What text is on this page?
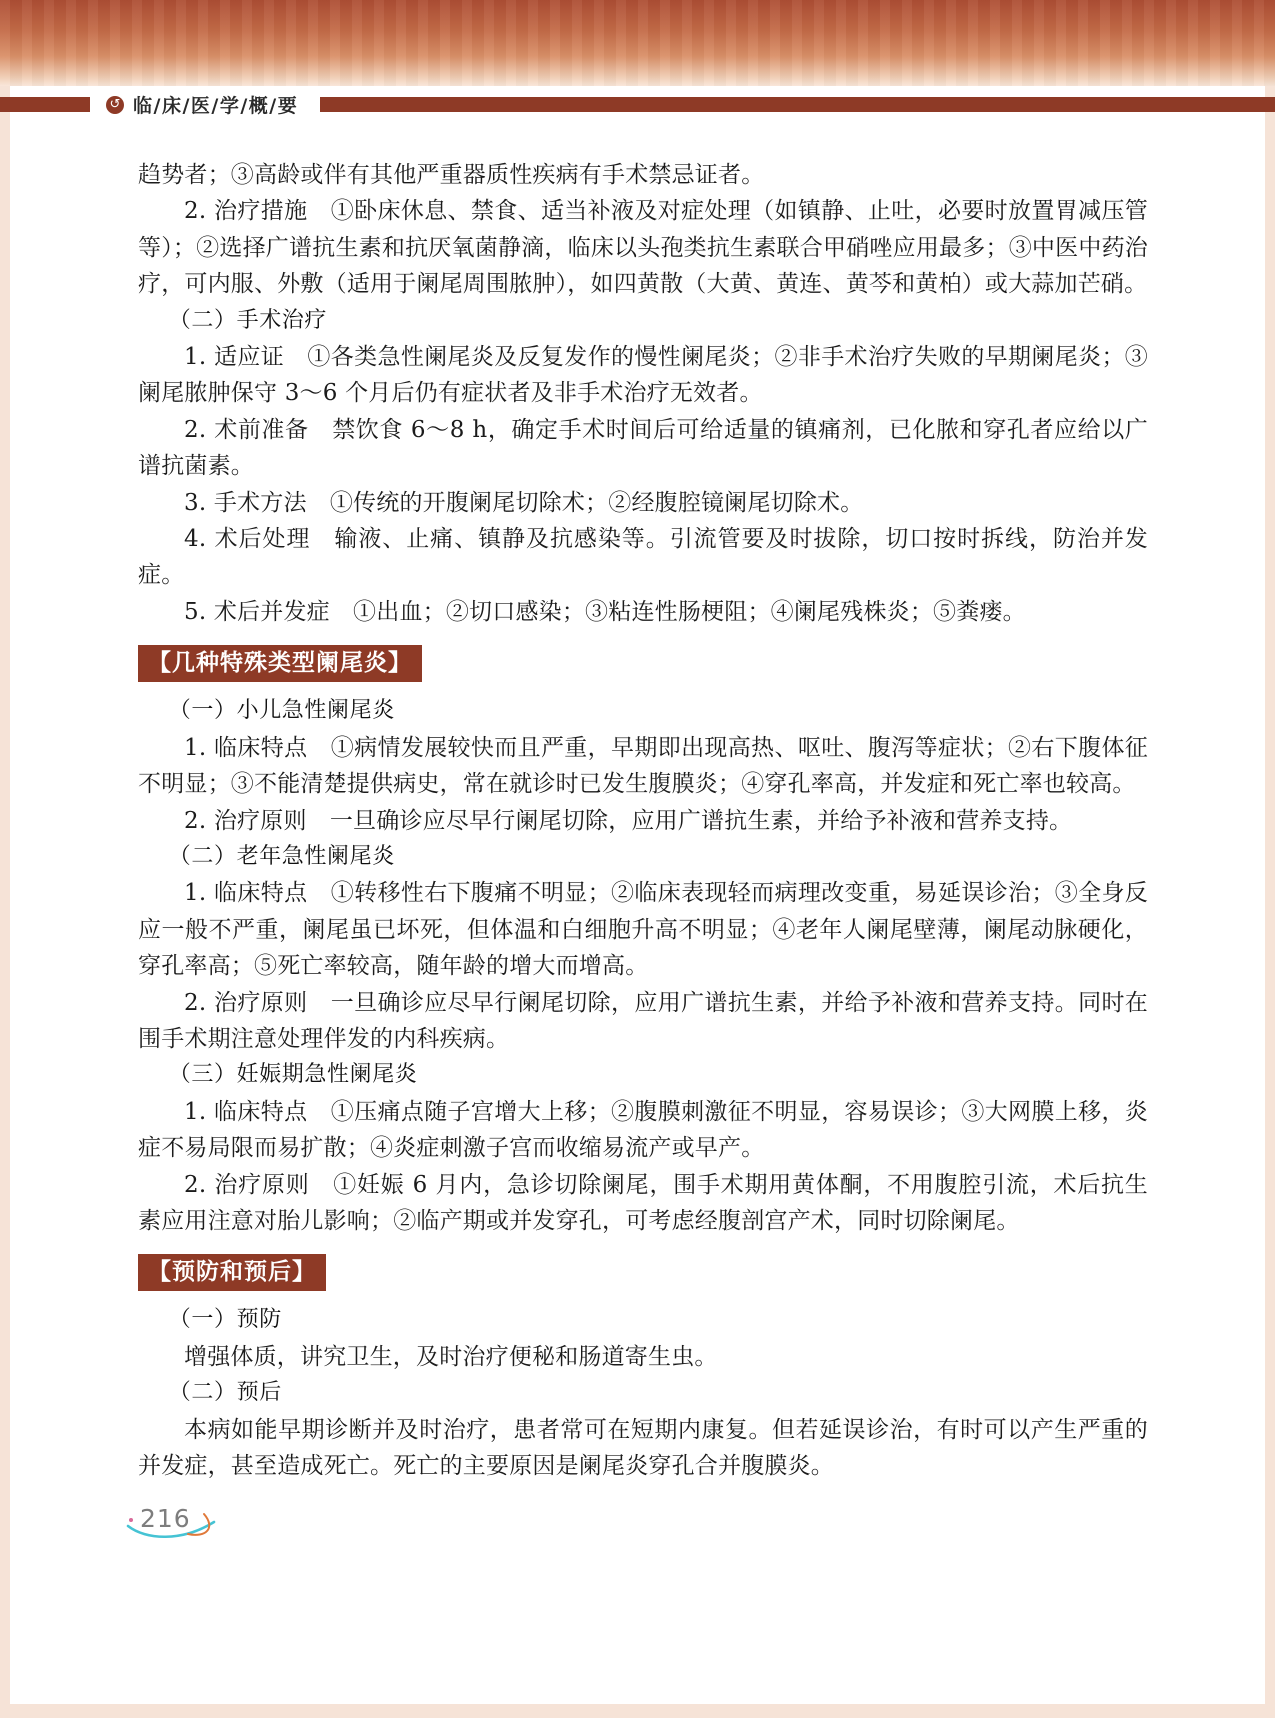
↺ 临/床/医/学/概/要

趋势者；③高龄或伴有其他严重器质性疾病有手术禁忌证者。

2. 治疗措施　①卧床休息、禁食、适当补液及对症处理（如镇静、止吐，必要时放置胃减压管等）；②选择广谱抗生素和抗厌氧菌静滴，临床以头孢类抗生素联合甲硝唑应用最多；③中医中药治疗，可内服、外敷（适用于阑尾周围脓肿），如四黄散（大黄、黄连、黄芩和黄柏）或大蒜加芒硝。

（二）手术治疗

1. 适应证　①各类急性阑尾炎及反复发作的慢性阑尾炎；②非手术治疗失败的早期阑尾炎；③阑尾脓肿保守 3～6 个月后仍有症状者及非手术治疗无效者。

2. 术前准备　禁饮食 6～8 h，确定手术时间后可给适量的镇痛剂，已化脓和穿孔者应给以广谱抗菌素。

3. 手术方法　①传统的开腹阑尾切除术；②经腹腔镜阑尾切除术。

4. 术后处理　输液、止痛、镇静及抗感染等。引流管要及时拔除，切口按时拆线，防治并发症。

5. 术后并发症　①出血；②切口感染；③粘连性肠梗阻；④阑尾残株炎；⑤粪瘘。

【几种特殊类型阑尾炎】

（一）小儿急性阑尾炎

1. 临床特点　①病情发展较快而且严重，早期即出现高热、呕吐、腹泻等症状；②右下腹体征不明显；③不能清楚提供病史，常在就诊时已发生腹膜炎；④穿孔率高，并发症和死亡率也较高。

2. 治疗原则　一旦确诊应尽早行阑尾切除，应用广谱抗生素，并给予补液和营养支持。

（二）老年急性阑尾炎

1. 临床特点　①转移性右下腹痛不明显；②临床表现轻而病理改变重，易延误诊治；③全身反应一般不严重，阑尾虽已坏死，但体温和白细胞升高不明显；④老年人阑尾壁薄，阑尾动脉硬化，穿孔率高；⑤死亡率较高，随年龄的增大而增高。

2. 治疗原则　一旦确诊应尽早行阑尾切除，应用广谱抗生素，并给予补液和营养支持。同时在围手术期注意处理伴发的内科疾病。

（三）妊娠期急性阑尾炎

1. 临床特点　①压痛点随子宫增大上移；②腹膜刺激征不明显，容易误诊；③大网膜上移，炎症不易局限而易扩散；④炎症刺激子宫而收缩易流产或早产。

2. 治疗原则　①妊娠 6 月内，急诊切除阑尾，围手术期用黄体酮，不用腹腔引流，术后抗生素应用注意对胎儿影响；②临产期或并发穿孔，可考虑经腹剖宫产术，同时切除阑尾。

【预防和预后】

（一）预防

增强体质，讲究卫生，及时治疗便秘和肠道寄生虫。

（二）预后

本病如能早期诊断并及时治疗，患者常可在短期内康复。但若延误诊治，有时可以产生严重的并发症，甚至造成死亡。死亡的主要原因是阑尾炎穿孔合并腹膜炎。

216
